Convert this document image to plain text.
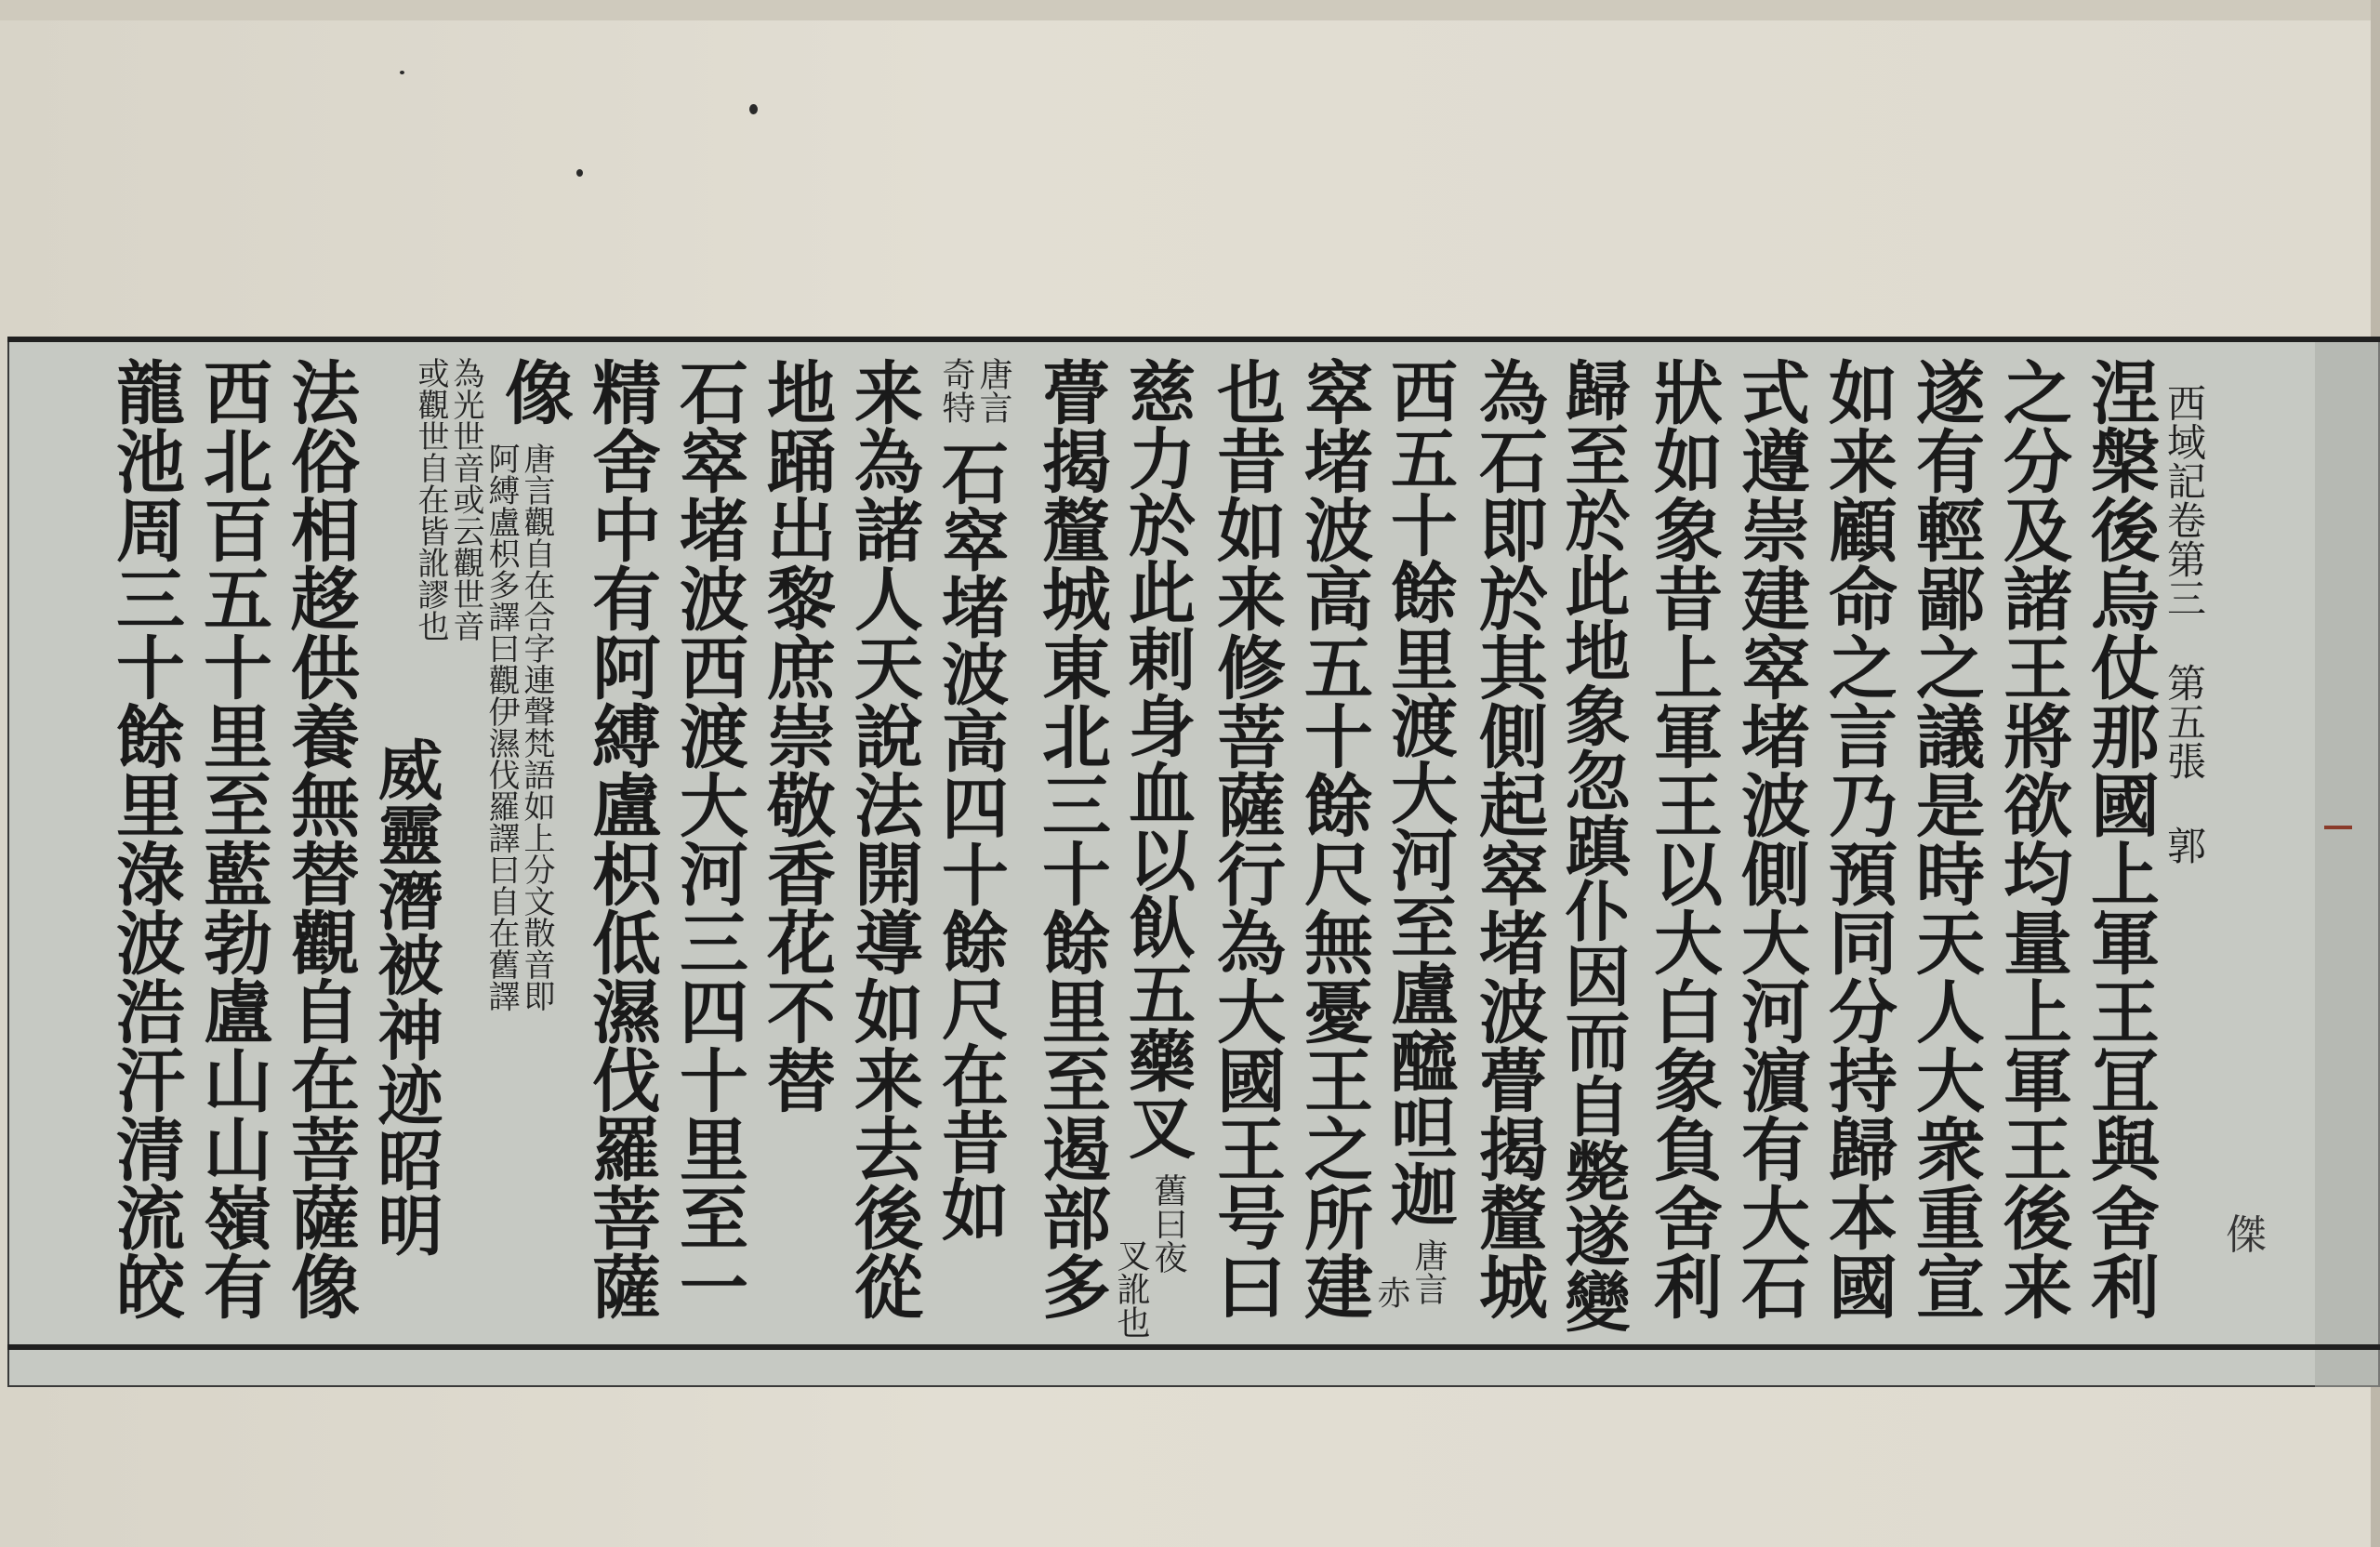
西域記卷第三 第五張 郭
涅槃後烏仗那國上軍王冝與舍利
之分及諸王將欲均量上軍王後来
遂有輕鄙之議是時天人大衆重宣
如来顧命之言乃預同分持歸本國
式遵崇建窣堵波側大河濵有大石
狀如象昔上軍王以大白象負舍利
歸至於此地象忽蹎仆因而自斃遂變
為石即於其側起窣堵波瞢揭釐城
西五十餘里渡大河至盧醯呾迦
唐言
赤
窣堵波高五十餘尺無憂王之所建
也昔如来修菩薩行為大國王号曰
慈力於此剌身血以飤五藥叉
舊曰夜
叉訛也
瞢揭釐城東北三十餘里至遏部多
唐言
奇特
石窣堵波高四十餘尺在昔如
来為諸人天說法開導如来去後從
地踊出黎庶崇敬香花不替
石窣堵波西渡大河三四十里至一
精舍中有阿縛盧枳低濕伐羅菩薩
像
唐言觀自在合字連聲梵語如上分文散音即
阿縛盧枳多譯曰觀伊濕伐羅譯曰自在舊譯
為光世音或云觀世音
或觀世自在皆訛謬也
威靈潛被神迹昭明
法俗相趍供養無替觀自在菩薩像
西北百五十里至藍勃盧山山嶺有
龍池周三十餘里淥波浩汗清流皎	傑
